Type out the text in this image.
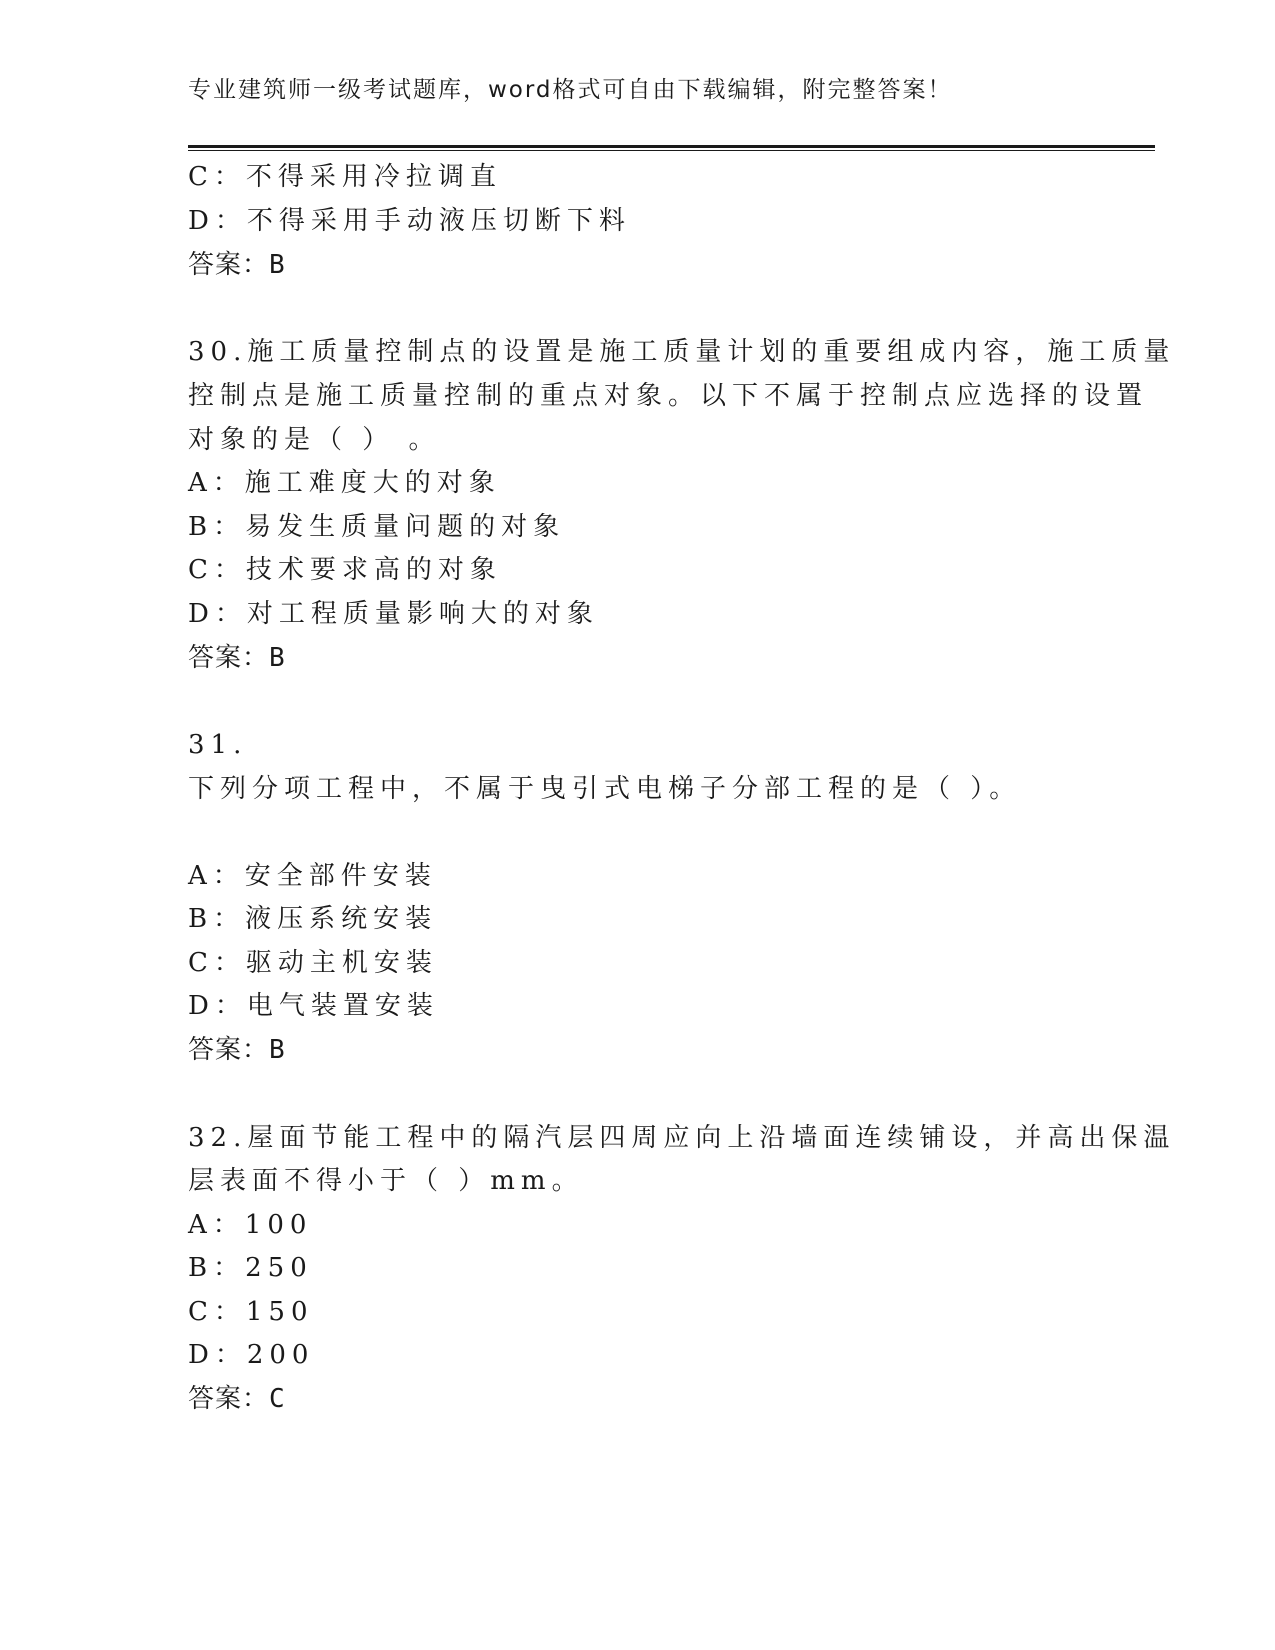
专业建筑师一级考试题库，word格式可自由下载编辑，附完整答案！
C：不得采用冷拉调直
D：不得采用手动液压切断下料
答案：B
30.施工质量控制点的设置是施工质量计划的重要组成内容，施工质量
控制点是施工质量控制的重点对象。以下不属于控制点应选择的设置
对象的是（ ） 。
A：施工难度大的对象
B：易发生质量问题的对象
C：技术要求高的对象
D：对工程质量影响大的对象
答案：B
31.
下列分项工程中，不属于曳引式电梯子分部工程的是（ ）。
A：安全部件安装
B：液压系统安装
C：驱动主机安装
D：电气装置安装
答案：B
32.屋面节能工程中的隔汽层四周应向上沿墙面连续铺设，并高出保温
层表面不得小于（ ）mm。
A：100
B：250
C：150
D：200
答案：C
